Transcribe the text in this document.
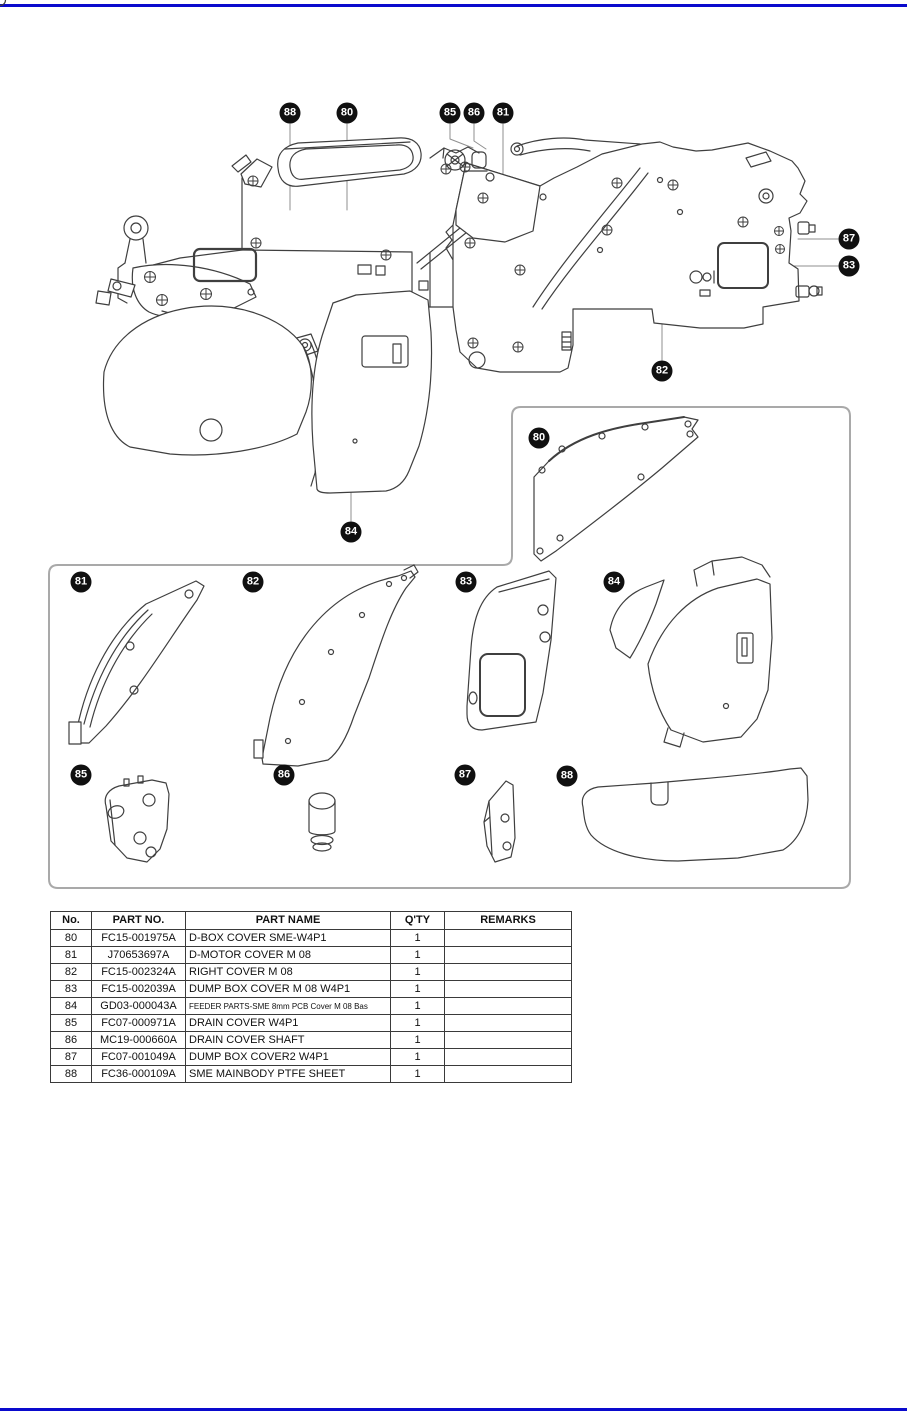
88	80	85	86	81
87
83
82
84
80
81	82	83	84
85	86	87	88
No.	PART NO.	PART NAME	Q'TY	REMARKS
80	FC15-001975A	D-BOX COVER SME-W4P1	1	
81	J70653697A	D-MOTOR COVER M 08	1	
82	FC15-002324A	RIGHT COVER M 08	1	
83	FC15-002039A	DUMP BOX COVER M 08 W4P1	1	
84	GD03-000043A	FEEDER PARTS-SME 8mm PCB Cover M 08 Bas	1	
85	FC07-000971A	DRAIN COVER W4P1	1	
86	MC19-000660A	DRAIN COVER SHAFT	1	
87	FC07-001049A	DUMP BOX COVER2 W4P1	1	
88	FC36-000109A	SME MAINBODY PTFE SHEET	1	
